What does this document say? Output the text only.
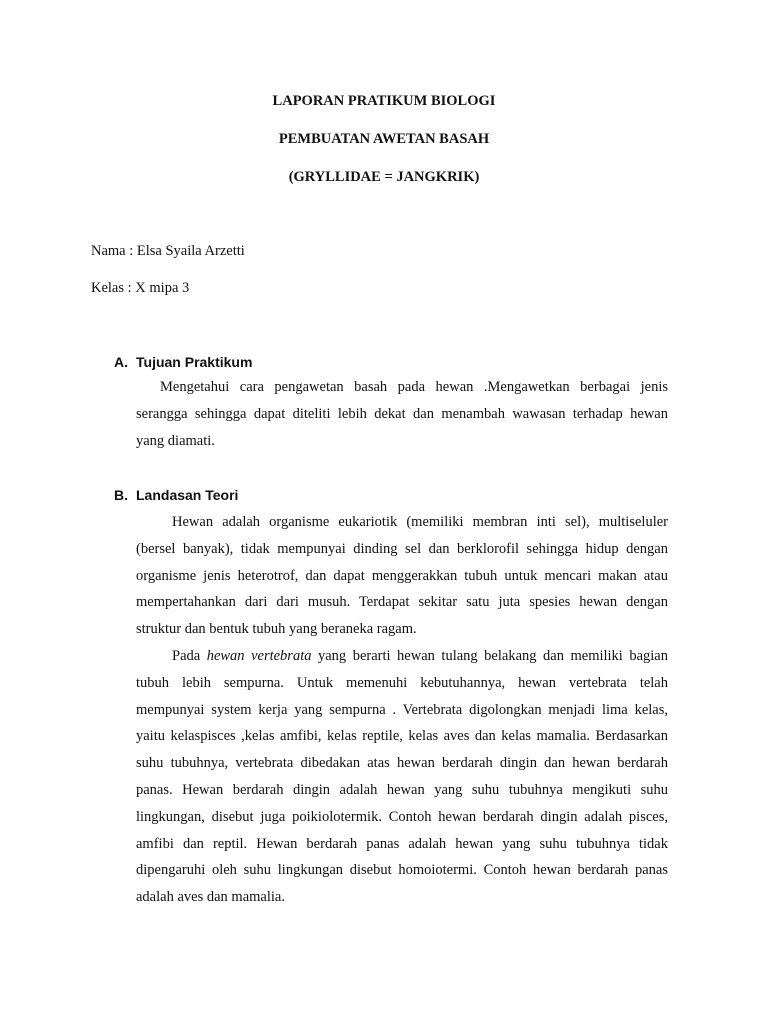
LAPORAN PRATIKUM BIOLOGI
PEMBUATAN AWETAN BASAH
(GRYLLIDAE = JANGKRIK)
Nama : Elsa Syaila Arzetti
Kelas : X mipa 3
A. Tujuan Praktikum
Mengetahui cara pengawetan basah pada hewan .Mengawetkan berbagai jenis
serangga sehingga dapat diteliti lebih dekat dan menambah wawasan terhadap hewan
yang diamati.
B. Landasan Teori
Hewan adalah organisme eukariotik (memiliki membran inti sel), multiseluler
(bersel banyak), tidak mempunyai dinding sel dan berklorofil sehingga hidup dengan
organisme jenis heterotrof, dan dapat menggerakkan tubuh untuk mencari makan atau
mempertahankan dari dari musuh. Terdapat sekitar satu juta spesies hewan dengan
struktur dan bentuk tubuh yang beraneka ragam.
Pada hewan vertebrata yang berarti hewan tulang belakang dan memiliki bagian
tubuh lebih sempurna. Untuk memenuhi kebutuhannya, hewan vertebrata telah
mempunyai system kerja yang sempurna . Vertebrata digolongkan menjadi lima kelas,
yaitu kelaspisces ,kelas amfibi, kelas reptile, kelas aves dan kelas mamalia. Berdasarkan
suhu tubuhnya, vertebrata dibedakan atas hewan berdarah dingin dan hewan berdarah
panas. Hewan berdarah dingin adalah hewan yang suhu tubuhnya mengikuti suhu
lingkungan, disebut juga poikiolotermik. Contoh hewan berdarah dingin adalah pisces,
amfibi dan reptil. Hewan berdarah panas adalah hewan yang suhu tubuhnya tidak
dipengaruhi oleh suhu lingkungan disebut homoiotermi. Contoh hewan berdarah panas
adalah aves dan mamalia.
